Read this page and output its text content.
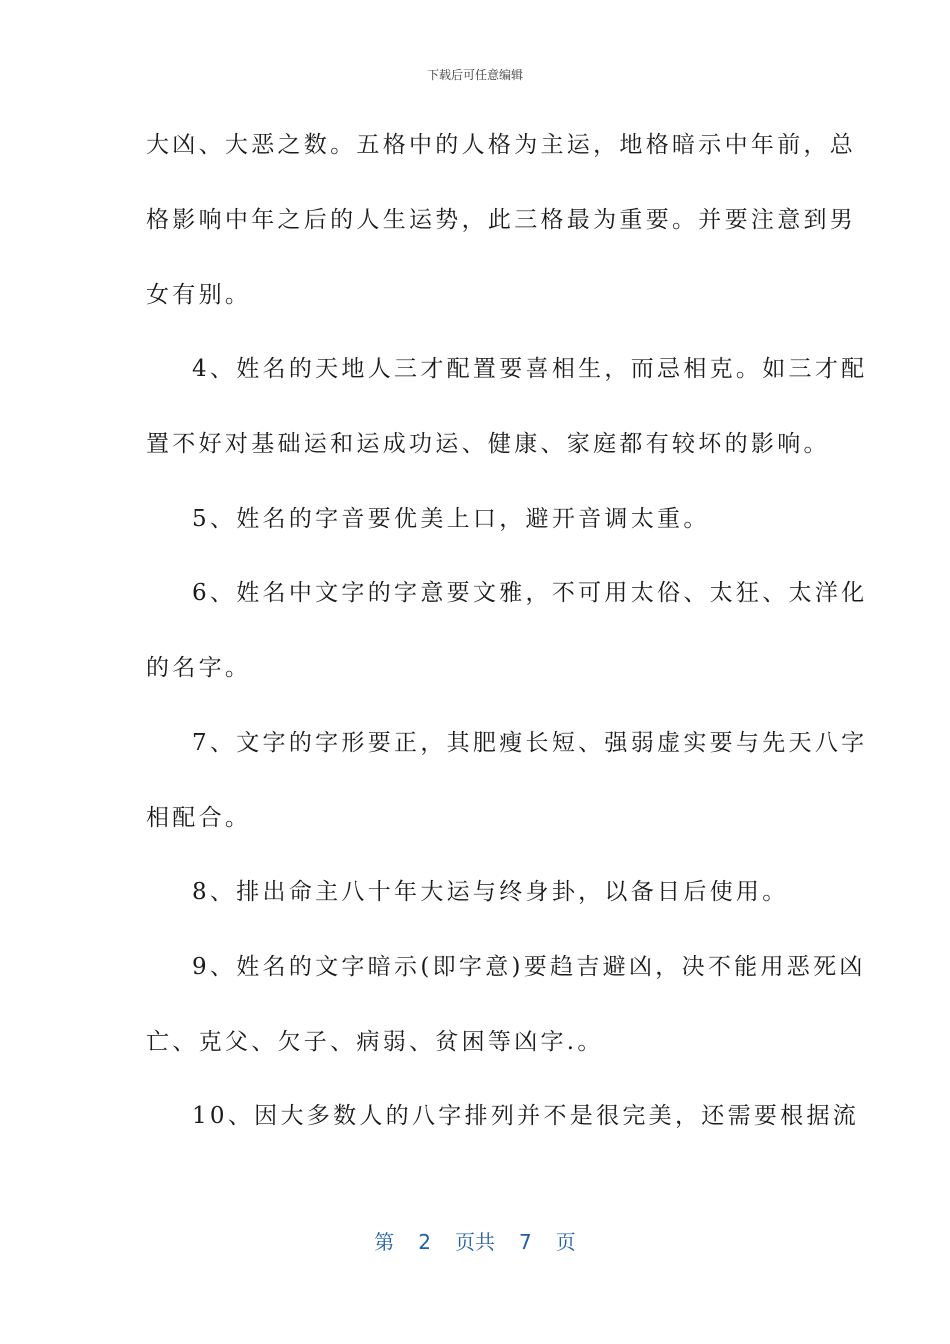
下载后可任意编辑
大凶、大恶之数。五格中的人格为主运，地格暗示中年前，总
格影响中年之后的人生运势，此三格最为重要。并要注意到男
女有别。
4、姓名的天地人三才配置要喜相生，而忌相克。如三才配
置不好对基础运和运成功运、健康、家庭都有较坏的影响。
5、姓名的字音要优美上口，避开音调太重。
6、姓名中文字的字意要文雅，不可用太俗、太狂、太洋化
的名字。
7、文字的字形要正，其肥瘦长短、强弱虚实要与先天八字
相配合。
8、排出命主八十年大运与终身卦，以备日后使用。
9、姓名的文字暗示(即字意)要趋吉避凶，决不能用恶死凶
亡、克父、欠子、病弱、贫困等凶字.。
10、因大多数人的八字排列并不是很完美，还需要根据流
第 2 页共 7 页
